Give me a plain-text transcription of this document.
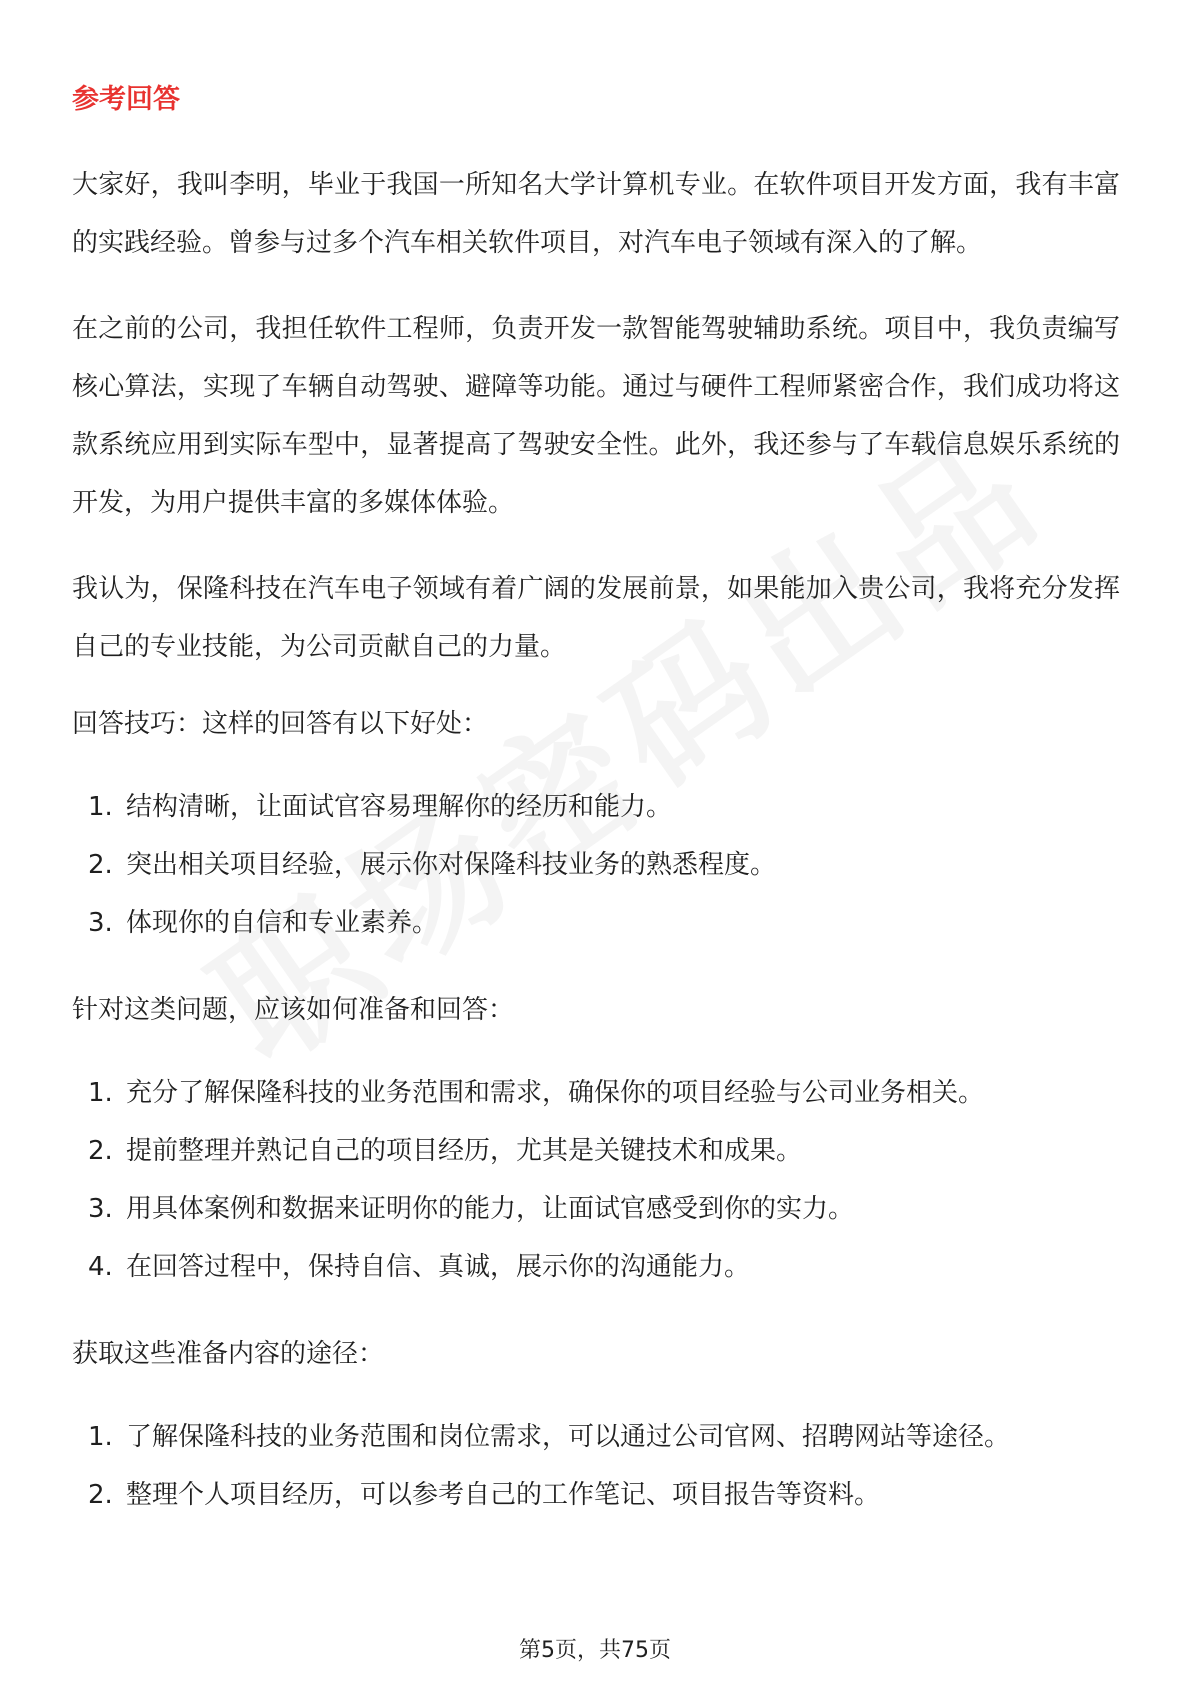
参考回答

大家好，我叫李明，毕业于我国一所知名大学计算机专业。在软件项目开发方面，我有丰富的实践经验。曾参与过多个汽车相关软件项目，对汽车电子领域有深入的了解。

在之前的公司，我担任软件工程师，负责开发一款智能驾驶辅助系统。项目中，我负责编写核心算法，实现了车辆自动驾驶、避障等功能。通过与硬件工程师紧密合作，我们成功将这款系统应用到实际车型中，显著提高了驾驶安全性。此外，我还参与了车载信息娱乐系统的开发，为用户提供丰富的多媒体体验。

我认为，保隆科技在汽车电子领域有着广阔的发展前景，如果能加入贵公司，我将充分发挥自己的专业技能，为公司贡献自己的力量。

回答技巧：这样的回答有以下好处：
1. 结构清晰，让面试官容易理解你的经历和能力。
2. 突出相关项目经验，展示你对保隆科技业务的熟悉程度。
3. 体现你的自信和专业素养。
针对这类问题，应该如何准备和回答：
1. 充分了解保隆科技的业务范围和需求，确保你的项目经验与公司业务相关。
2. 提前整理并熟记自己的项目经历，尤其是关键技术和成果。
3. 用具体案例和数据来证明你的能力，让面试官感受到你的实力。
4. 在回答过程中，保持自信、真诚，展示你的沟通能力。
获取这些准备内容的途径：
1. 了解保隆科技的业务范围和岗位需求，可以通过公司官网、招聘网站等途径。
2. 整理个人项目经历，可以参考自己的工作笔记、项目报告等资料。
第5页，共75页
